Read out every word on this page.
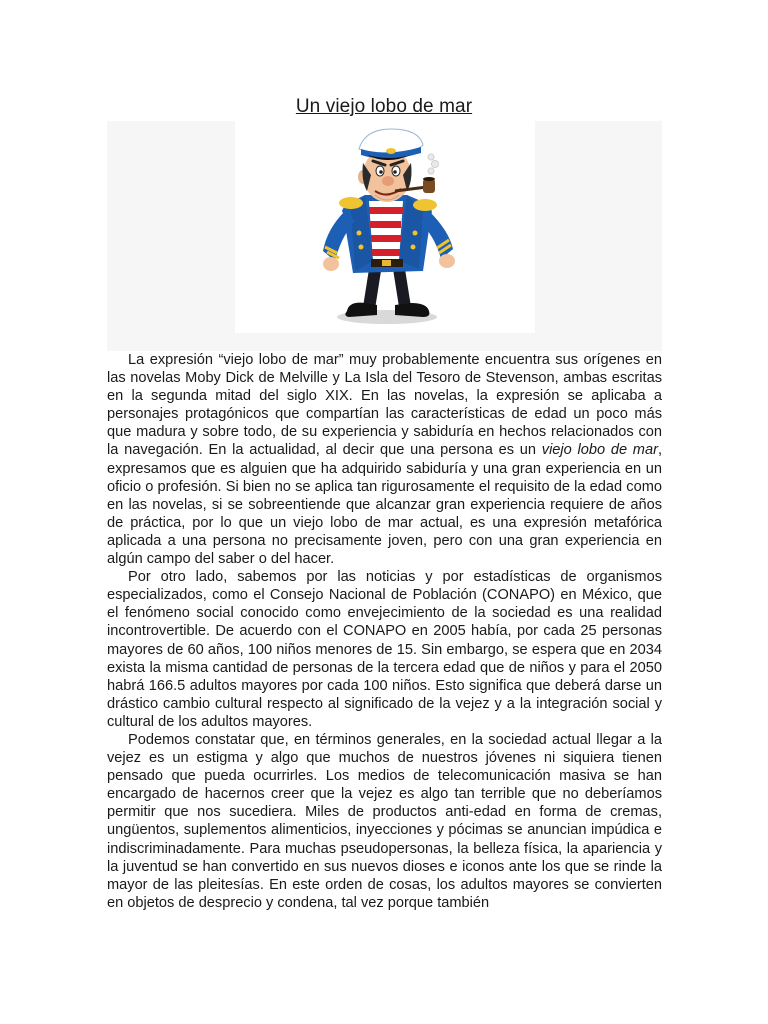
Un viejo lobo de mar

La expresión “viejo lobo de mar” muy probablemente encuentra sus orígenes en las novelas Moby Dick de Melville y La Isla del Tesoro de Stevenson, ambas escritas en la segunda mitad del siglo XIX. En las novelas, la expresión se aplicaba a personajes protagónicos que compartían las características de edad un poco más que madura y sobre todo, de su experiencia y sabiduría en hechos relacionados con la navegación. En la actualidad, al decir que una persona es un viejo lobo de mar, expresamos que es alguien que ha adquirido sabiduría y una gran experiencia en un oficio o profesión. Si bien no se aplica tan rigurosamente el requisito de la edad como en las novelas, si se sobreentiende que alcanzar gran experiencia requiere de años de práctica, por lo que un viejo lobo de mar actual, es una expresión metafórica aplicada a una persona no precisamente joven, pero con una gran experiencia en algún campo del saber o del hacer.

Por otro lado, sabemos por las noticias y por estadísticas de organismos especializados, como el Consejo Nacional de Población (CONAPO) en México, que el fenómeno social conocido como envejecimiento de la sociedad es una realidad incontrovertible. De acuerdo con el CONAPO en 2005 había, por cada 25 personas mayores de 60 años, 100 niños menores de 15. Sin embargo, se espera que en 2034 exista la misma cantidad de personas de la tercera edad que de niños y para el 2050 habrá 166.5 adultos mayores por cada 100 niños. Esto significa que deberá darse un drástico cambio cultural respecto al significado de la vejez y a la integración social y cultural de los adultos mayores.

Podemos constatar que, en términos generales, en la sociedad actual llegar a la vejez es un estigma y algo que muchos de nuestros jóvenes ni siquiera tienen pensado que pueda ocurrirles. Los medios de telecomunicación masiva se han encargado de hacernos creer que la vejez es algo tan terrible que no deberíamos permitir que nos sucediera. Miles de productos anti-edad en forma de cremas, ungüentos, suplementos alimenticios, inyecciones y pócimas se anuncian impúdica e indiscriminadamente. Para muchas pseudopersonas, la belleza física, la apariencia y la juventud se han convertido en sus nuevos dioses e iconos ante los que se rinde la mayor de las pleitesías. En este orden de cosas, los adultos mayores se convierten en objetos de desprecio y condena, tal vez porque también
